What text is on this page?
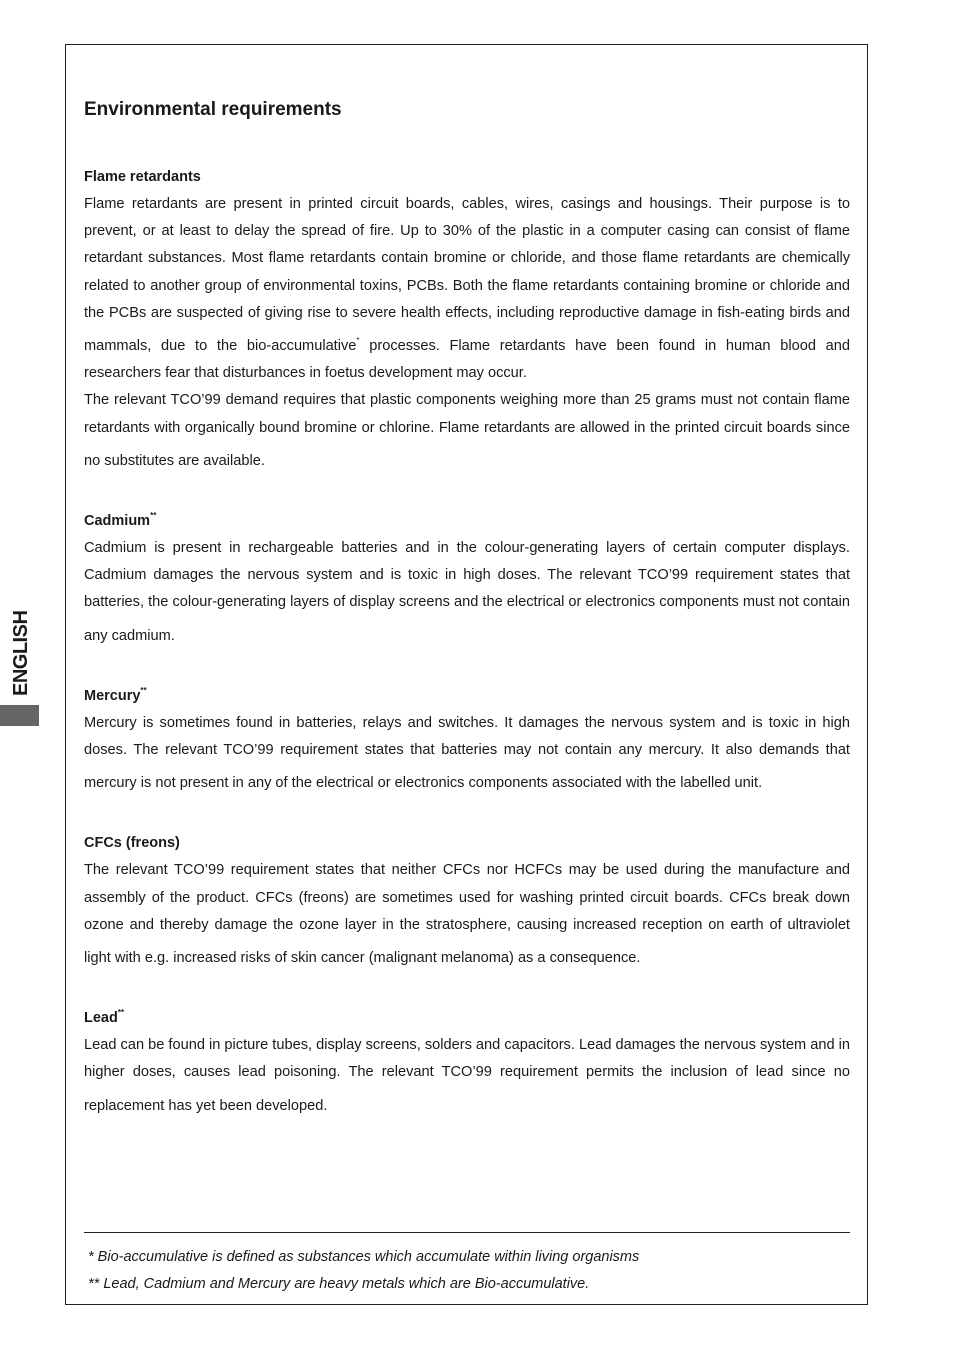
ENGLISH
Environmental requirements
Flame retardants

Flame retardants are present in printed circuit boards, cables, wires, casings and housings. Their purpose is to prevent, or at least to delay the spread of fire. Up to 30% of the plastic in a computer casing can consist of flame retardant substances. Most flame retardants contain bromine or chloride, and those flame retardants are chemically related to another group of environmental toxins, PCBs. Both the flame retardants containing bromine or chloride and the PCBs are suspected of giving rise to severe health effects, including reproductive damage in fish-eating birds and mammals, due to the bio-accumulative* processes. Flame retardants have been found in human blood and researchers fear that disturbances in foetus development may occur.

The relevant TCO’99 demand requires that plastic components weighing more than 25 grams must not contain flame retardants with organically bound bromine or chlorine. Flame retardants are allowed in the printed circuit boards since no substitutes are available.

Cadmium**

Cadmium is present in rechargeable batteries and in the colour-generating layers of certain computer displays. Cadmium damages the nervous system and is toxic in high doses. The relevant TCO’99 requirement states that batteries, the colour-generating layers of display screens and the electrical or electronics components must not contain any cadmium.

Mercury**

Mercury is sometimes found in batteries, relays and switches. It damages the nervous system and is toxic in high doses. The relevant TCO’99 requirement states that batteries may not contain any mercury. It also demands that mercury is not present in any of the electrical or electronics components associated with the labelled unit.

CFCs (freons)

The relevant TCO’99 requirement states that neither CFCs nor HCFCs may be used during the manufacture and assembly of the product. CFCs (freons) are sometimes used for washing printed circuit boards. CFCs break down ozone and thereby damage the ozone layer in the stratosphere, causing increased reception on earth of ultraviolet light with e.g. increased risks of skin cancer (malignant melanoma) as a consequence.

Lead**

Lead can be found in picture tubes, display screens, solders and capacitors. Lead damages the nervous system and in higher doses, causes lead poisoning. The relevant TCO’99 requirement permits the inclusion of lead since no replacement has yet been developed.

* Bio-accumulative is defined as substances which accumulate within living organisms
** Lead, Cadmium and Mercury are heavy metals which are Bio-accumulative.
